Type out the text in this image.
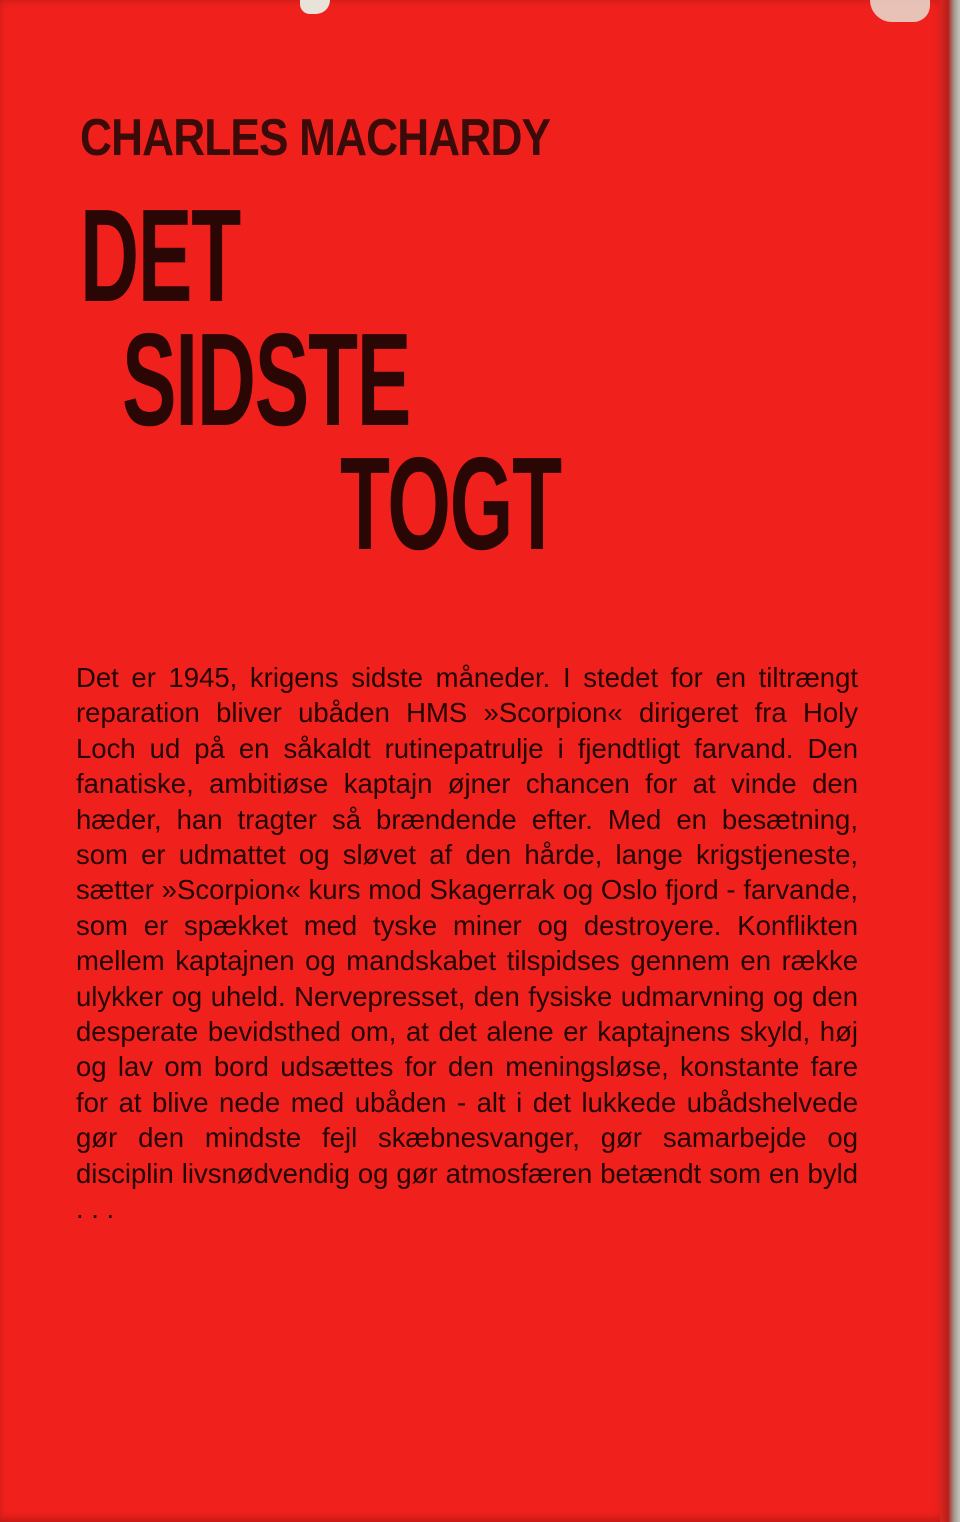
CHARLES MACHARDY
DET
SIDSTE
TOGT

Det er 1945, krigens sidste måneder. I stedet for en tiltrængt reparation bliver ubåden HMS »Scorpion« dirigeret fra Holy Loch ud på en såkaldt rutinepatrulje i fjendtligt farvand. Den fanatiske, ambitiøse kaptajn øjner chancen for at vinde den hæder, han tragter så brændende efter. Med en besætning, som er udmattet og sløvet af den hårde, lange krigstjeneste, sætter »Scorpion« kurs mod Skagerrak og Oslo fjord - farvande, som er spækket med tyske miner og destroyere. Konflikten mellem kaptajnen og mandskabet tilspidses gennem en række ulykker og uheld. Nervepresset, den fysiske udmarvning og den desperate bevidsthed om, at det alene er kaptajnens skyld, høj og lav om bord udsættes for den meningsløse, konstante fare for at blive nede med ubåden - alt i det lukkede ubådshelvede gør den mindste fejl skæbnesvanger, gør samarbejde og disciplin livsnødvendig og gør atmosfæren betændt som en byld . . .
